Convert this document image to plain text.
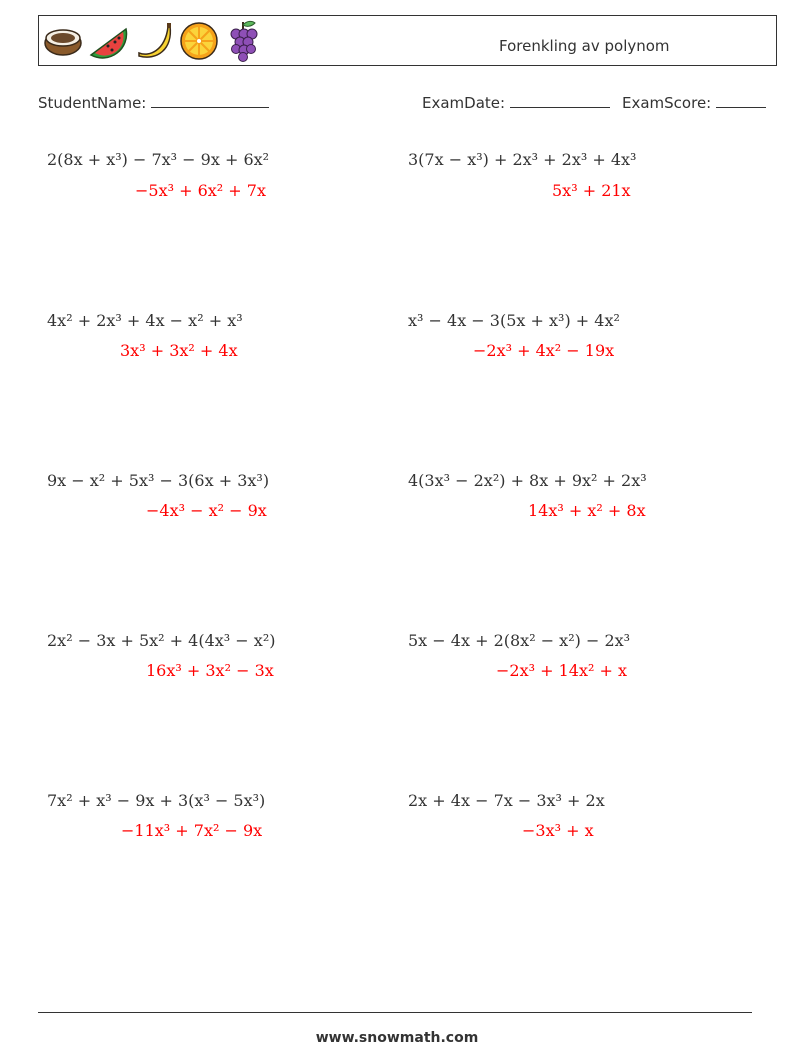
Forenkling av polynom
StudentName:	ExamDate:	ExamScore:
2(8x + x³) − 7x³ − 9x + 6x²
−5x³ + 6x² + 7x
3(7x − x³) + 2x³ + 2x³ + 4x³
5x³ + 21x
4x² + 2x³ + 4x − x² + x³
3x³ + 3x² + 4x
x³ − 4x − 3(5x + x³) + 4x²
−2x³ + 4x² − 19x
9x − x² + 5x³ − 3(6x + 3x³)
−4x³ − x² − 9x
4(3x³ − 2x²) + 8x + 9x² + 2x³
14x³ + x² + 8x
2x² − 3x + 5x² + 4(4x³ − x²)
16x³ + 3x² − 3x
5x − 4x + 2(8x² − x²) − 2x³
−2x³ + 14x² + x
7x² + x³ − 9x + 3(x³ − 5x³)
−11x³ + 7x² − 9x
2x + 4x − 7x − 3x³ + 2x
−3x³ + x
www.snowmath.com
